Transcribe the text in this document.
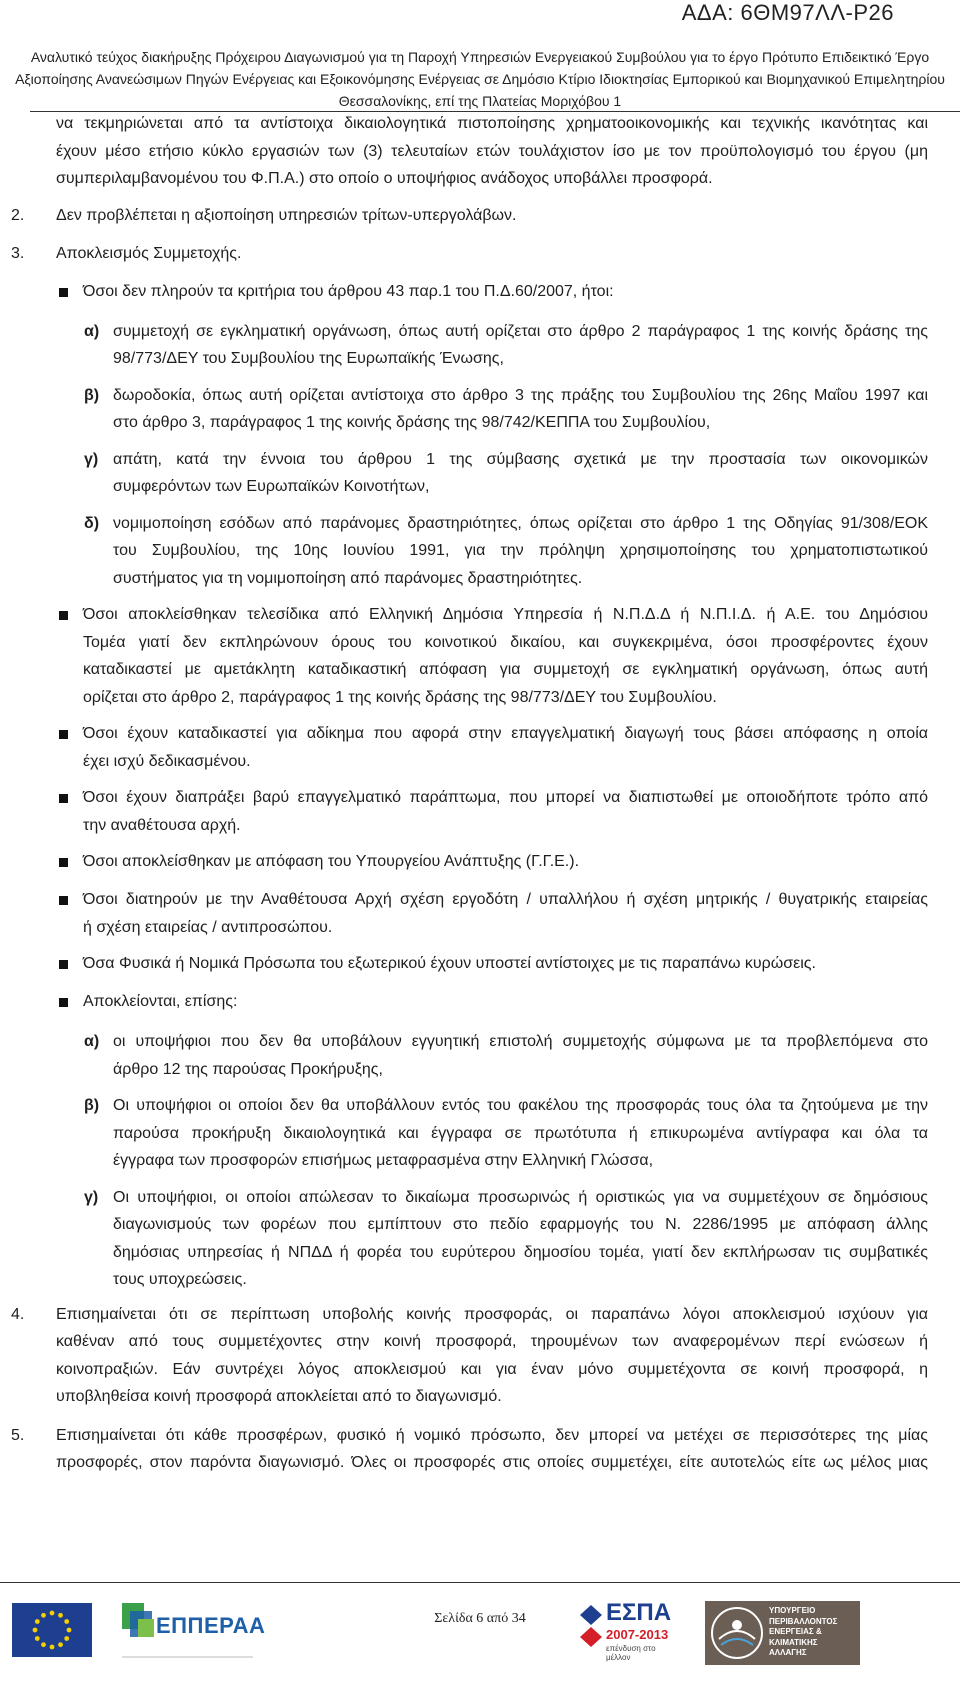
ΑΔΑ: 6ΘΜ97ΛΛ-Ρ26
Αναλυτικό τεύχος διακήρυξης Πρόχειρου Διαγωνισμού για τη Παροχή Υπηρεσιών Ενεργειακού Συμβούλου για το έργο Πρότυπο Επιδεικτικό Έργο
Αξιοποίησης Ανανεώσιμων Πηγών Ενέργειας και Εξοικονόμησης Ενέργειας σε Δημόσιο Κτίριο Ιδιοκτησίας Εμπορικού και Βιομηχανικού Επιμελητηρίου
Θεσσαλονίκης, επί της Πλατείας Μοριχόβου 1
να τεκμηριώνεται από τα αντίστοιχα δικαιολογητικά πιστοποίησης χρηματοοικονομικής και τεχνικής ικανότητας και
έχουν μέσο ετήσιο κύκλο εργασιών των (3) τελευταίων ετών τουλάχιστον ίσο με τον προϋπολογισμό του έργου (μη
συμπεριλαμβανομένου του Φ.Π.Α.) στο οποίο ο υποψήφιος ανάδοχος υποβάλλει προσφορά.
2. Δεν προβλέπεται η αξιοποίηση υπηρεσιών τρίτων-υπεργολάβων.
3. Αποκλεισμός Συμμετοχής.
Όσοι δεν πληρούν τα κριτήρια του άρθρου 43 παρ.1 του Π.Δ.60/2007, ήτοι:
α) συμμετοχή σε εγκληματική οργάνωση, όπως αυτή ορίζεται στο άρθρο 2 παράγραφος 1 της κοινής δράσης της
98/773/ΔΕΥ του Συμβουλίου της Ευρωπαϊκής Ένωσης,
β) δωροδοκία, όπως αυτή ορίζεται αντίστοιχα στο άρθρο 3 της πράξης του Συμβουλίου της 26ης Μαΐου 1997 και
στο άρθρο 3, παράγραφος 1 της κοινής δράσης της 98/742/ΚΕΠΠΑ του Συμβουλίου,
γ) απάτη, κατά την έννοια του άρθρου 1 της σύμβασης σχετικά με την προστασία των οικονομικών
συμφερόντων των Ευρωπαϊκών Κοινοτήτων,
δ) νομιμοποίηση εσόδων από παράνομες δραστηριότητες, όπως ορίζεται στο άρθρο 1 της Οδηγίας 91/308/ΕΟΚ
του Συμβουλίου, της 10ης Ιουνίου 1991, για την πρόληψη χρησιμοποίησης του χρηματοπιστωτικού
συστήματος για τη νομιμοποίηση από παράνομες δραστηριότητες.
Όσοι αποκλείσθηκαν τελεσίδικα από Ελληνική Δημόσια Υπηρεσία ή Ν.Π.Δ.Δ ή Ν.Π.Ι.Δ. ή Α.Ε. του Δημόσιου
Τομέα γιατί δεν εκπληρώνουν όρους του κοινοτικού δικαίου, και συγκεκριμένα, όσοι προσφέροντες έχουν
καταδικαστεί με αμετάκλητη καταδικαστική απόφαση για συμμετοχή σε εγκληματική οργάνωση, όπως αυτή
ορίζεται στο άρθρο 2, παράγραφος 1 της κοινής δράσης της 98/773/ΔΕΥ του Συμβουλίου.
Όσοι έχουν καταδικαστεί για αδίκημα που αφορά στην επαγγελματική διαγωγή τους βάσει απόφασης η οποία
έχει ισχύ δεδικασμένου.
Όσοι έχουν διαπράξει βαρύ επαγγελματικό παράπτωμα, που μπορεί να διαπιστωθεί με οποιοδήποτε τρόπο από
την αναθέτουσα αρχή.
Όσοι αποκλείσθηκαν με απόφαση του Υπουργείου Ανάπτυξης (Γ.Γ.Ε.).
Όσοι διατηρούν με την Αναθέτουσα Αρχή σχέση εργοδότη / υπαλλήλου ή σχέση μητρικής / θυγατρικής εταιρείας
ή σχέση εταιρείας / αντιπροσώπου.
Όσα Φυσικά ή Νομικά Πρόσωπα του εξωτερικού έχουν υποστεί αντίστοιχες με τις παραπάνω κυρώσεις.
Αποκλείονται, επίσης:
α) οι υποψήφιοι που δεν θα υποβάλουν εγγυητική επιστολή συμμετοχής σύμφωνα με τα προβλεπόμενα στο
άρθρο 12 της παρούσας Προκήρυξης,
β) Οι υποψήφιοι οι οποίοι δεν θα υποβάλλουν εντός του φακέλου της προσφοράς τους όλα τα ζητούμενα με την
παρούσα προκήρυξη δικαιολογητικά και έγγραφα σε πρωτότυπα ή επικυρωμένα αντίγραφα και όλα τα
έγγραφα των προσφορών επισήμως μεταφρασμένα στην Ελληνική Γλώσσα,
γ) Οι υποψήφιοι, οι οποίοι απώλεσαν το δικαίωμα προσωρινώς ή οριστικώς για να συμμετέχουν σε δημόσιους
διαγωνισμούς των φορέων που εμπίπτουν στο πεδίο εφαρμογής του Ν. 2286/1995 με απόφαση άλλης
δημόσιας υπηρεσίας ή ΝΠΔΔ ή φορέα του ευρύτερου δημοσίου τομέα, γιατί δεν εκπλήρωσαν τις συμβατικές
τους υποχρεώσεις.
4. Επισημαίνεται ότι σε περίπτωση υποβολής κοινής προσφοράς, οι παραπάνω λόγοι αποκλεισμού ισχύουν για
καθέναν από τους συμμετέχοντες στην κοινή προσφορά, τηρουμένων των αναφερομένων περί ενώσεων ή
κοινοπραξιών. Εάν συντρέχει λόγος αποκλεισμού και για έναν μόνο συμμετέχοντα σε κοινή προσφορά, η
υποβληθείσα κοινή προσφορά αποκλείεται από το διαγωνισμό.
5. Επισημαίνεται ότι κάθε προσφέρων, φυσικό ή νομικό πρόσωπο, δεν μπορεί να μετέχει σε περισσότερες της μίας
προσφορές, στον παρόντα διαγωνισμό. Όλες οι προσφορές στις οποίες συμμετέχει, είτε αυτοτελώς είτε ως μέλος μιας
ΕΠΠΕΡΑΑ	Σελίδα 6 από 34	ΕΣΠΑ
2007-2013
επένδυση στο μέλλον
ΥΠΟΥΡΓΕΙΟ
ΠΕΡΙΒΑΛΛΟΝΤΟΣ
ΕΝΕΡΓΕΙΑΣ &
ΚΛΙΜΑΤΙΚΗΣ
ΑΛΛΑΓΗΣ
